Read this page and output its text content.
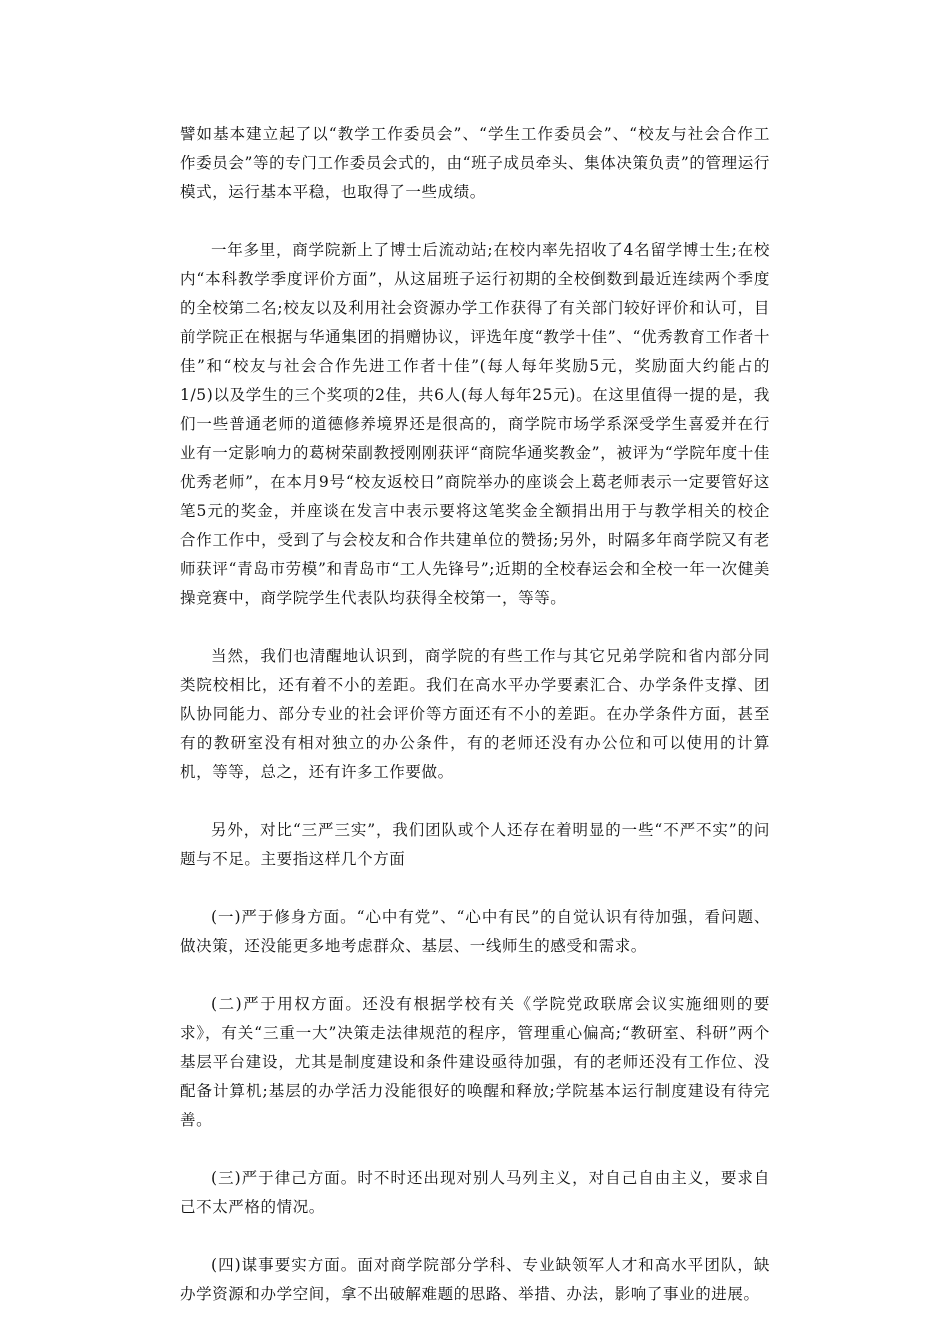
譬如基本建立起了以“教学工作委员会”、“学生工作委员会”、“校友与社会合作工作委员会”等的专门工作委员会式的，由“班子成员牵头、集体决策负责”的管理运行模式，运行基本平稳，也取得了一些成绩。

一年多里，商学院新上了博士后流动站;在校内率先招收了4名留学博士生;在校内“本科教学季度评价方面”，从这届班子运行初期的全校倒数到最近连续两个季度的全校第二名;校友以及利用社会资源办学工作获得了有关部门较好评价和认可，目前学院正在根据与华通集团的捐赠协议，评选年度“教学十佳”、“优秀教育工作者十佳”和“校友与社会合作先进工作者十佳”(每人每年奖励5元，奖励面大约能占的1/5)以及学生的三个奖项的2佳，共6人(每人每年25元)。在这里值得一提的是，我们一些普通老师的道德修养境界还是很高的，商学院市场学系深受学生喜爱并在行业有一定影响力的葛树荣副教授刚刚获评“商院华通奖教金”，被评为“学院年度十佳优秀老师”，在本月9号“校友返校日”商院举办的座谈会上葛老师表示一定要管好这笔5元的奖金，并座谈在发言中表示要将这笔奖金全额捐出用于与教学相关的校企合作工作中，受到了与会校友和合作共建单位的赞扬;另外，时隔多年商学院又有老师获评“青岛市劳模”和青岛市“工人先锋号”;近期的全校春运会和全校一年一次健美操竞赛中，商学院学生代表队均获得全校第一，等等。

当然，我们也清醒地认识到，商学院的有些工作与其它兄弟学院和省内部分同类院校相比，还有着不小的差距。我们在高水平办学要素汇合、办学条件支撑、团队协同能力、部分专业的社会评价等方面还有不小的差距。在办学条件方面，甚至有的教研室没有相对独立的办公条件，有的老师还没有办公位和可以使用的计算机，等等，总之，还有许多工作要做。

另外，对比“三严三实”，我们团队或个人还存在着明显的一些“不严不实”的问题与不足。主要指这样几个方面

(一)严于修身方面。“心中有党”、“心中有民”的自觉认识有待加强，看问题、做决策，还没能更多地考虑群众、基层、一线师生的感受和需求。

(二)严于用权方面。还没有根据学校有关《学院党政联席会议实施细则的要求》，有关“三重一大”决策走法律规范的程序，管理重心偏高;“教研室、科研”两个基层平台建设，尤其是制度建设和条件建设亟待加强，有的老师还没有工作位、没配备计算机;基层的办学活力没能很好的唤醒和释放;学院基本运行制度建设有待完善。

(三)严于律己方面。时不时还出现对别人马列主义，对自己自由主义，要求自己不太严格的情况。

(四)谋事要实方面。面对商学院部分学科、专业缺领军人才和高水平团队，缺办学资源和办学空间，拿不出破解难题的思路、举措、办法，影响了事业的进展。
